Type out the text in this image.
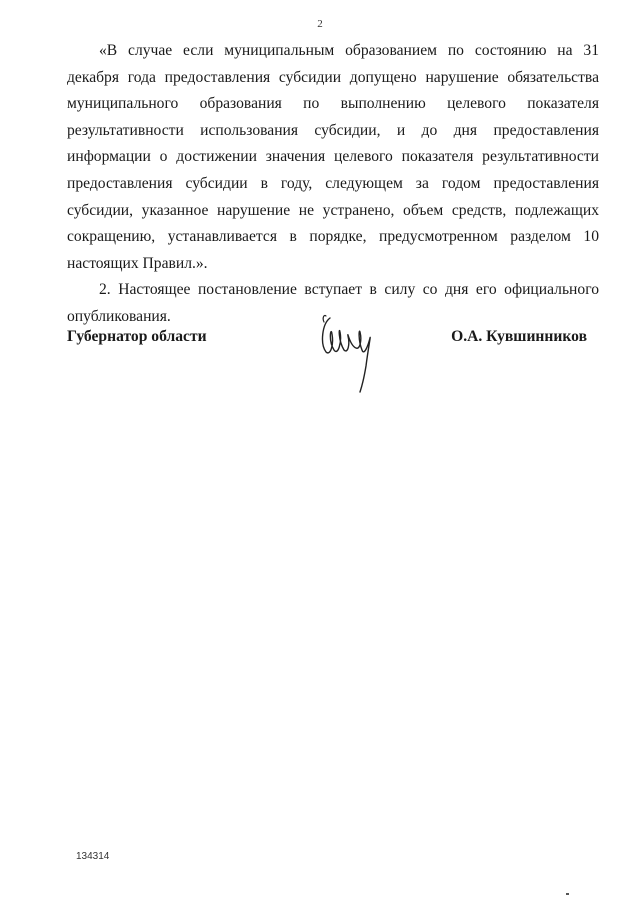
2

«В случае если муниципальным образованием по состоянию на 31 декабря года предоставления субсидии допущено нарушение обязательства муниципального образования по выполнению целевого показателя результативности использования субсидии, и до дня предоставления информации о достижении значения целевого показателя результативности предоставления субсидии в году, следующем за годом предоставления субсидии, указанное нарушение не устранено, объем средств, подлежащих сокращению, устанавливается в порядке, предусмотренном разделом 10 настоящих Правил.».

2. Настоящее постановление вступает в силу со дня его официального опубликования.

Губернатор области	О.А. Кувшинников
134314
